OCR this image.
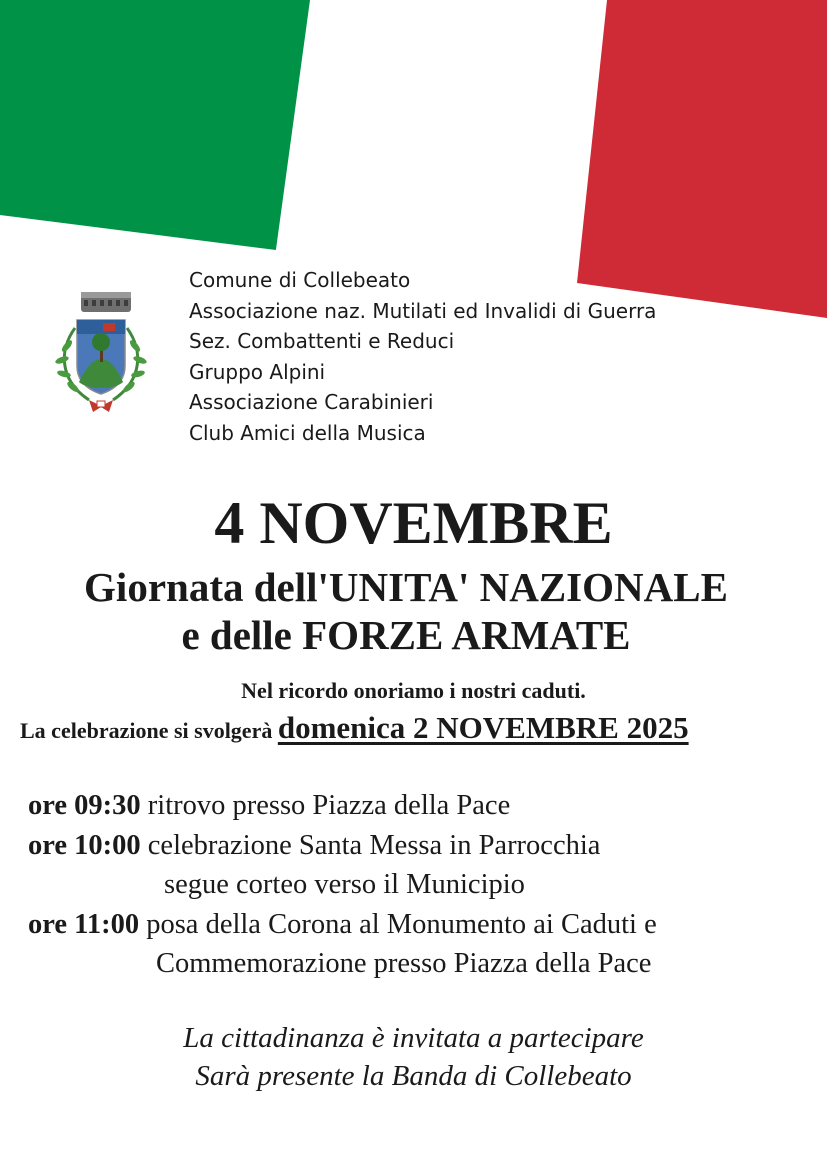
Comune di Collebeato
Associazione naz. Mutilati ed Invalidi di Guerra
Sez. Combattenti e Reduci
Gruppo Alpini
Associazione Carabinieri
Club Amici della Musica
4 NOVEMBRE
Giornata dell'UNITA' NAZIONALE
e delle FORZE ARMATE
Nel ricordo onoriamo i nostri caduti.
La celebrazione si svolgerà domenica 2 NOVEMBRE 2025
ore 09:30 ritrovo presso Piazza della Pace
ore 10:00 celebrazione Santa Messa in Parrocchia
segue corteo verso il Municipio
ore 11:00 posa della Corona al Monumento ai Caduti e
Commemorazione presso Piazza della Pace
La cittadinanza è invitata a partecipare
Sarà presente la Banda di Collebeato
